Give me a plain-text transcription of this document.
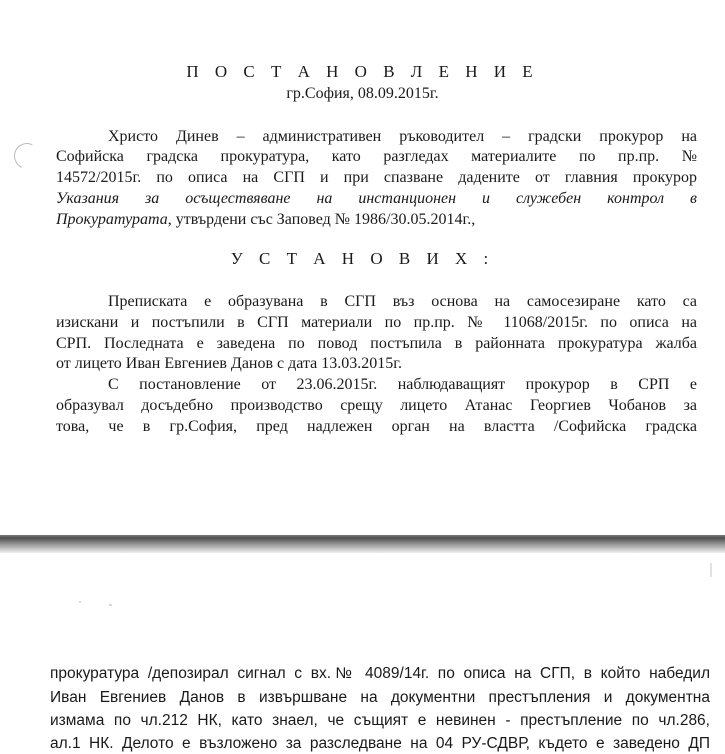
П О С Т А Н О В Л Е Н И Е
гр.София, 08.09.2015г.
Христо Динев – административен ръководител – градски прокурор на
Софийска градска прокуратура, като разгледах материалите по пр.пр. №
14572/2015г. по описа на СГП и при спазване дадените от главния прокурор
Указания за осъществяване на инстанционен и служебен контрол в
Прокуратурата, утвърдени със Заповед № 1986/30.05.2014г.,
У С Т А Н О В И Х :
Преписката е образувана в СГП въз основа на самосезиране като са
изискани и постъпили в СГП материали по пр.пр. № 11068/2015г. по описа на
СРП. Последната е заведена по повод постъпила в районната прокуратура жалба
от лицето Иван Евгениев Данов с дата 13.03.2015г.
С постановление от 23.06.2015г. наблюдаващият прокурор в СРП е
образувал досъдебно производство срещу лицето Атанас Георгиев Чобанов за
това, че в гр.София, пред надлежен орган на властта /Софийска градска
прокуратура /депозирал сигнал с вх.№ 4089/14г. по описа на СГП, в който набедил
Иван Евгениев Данов в извършване на документни престъпления и документна
измама по чл.212 НК, като знаел, че същият е невинен - престъпление по чл.286,
ал.1 НК. Делото е възложено за разследване на 04 РУ-СДВР, където е заведено ДП
